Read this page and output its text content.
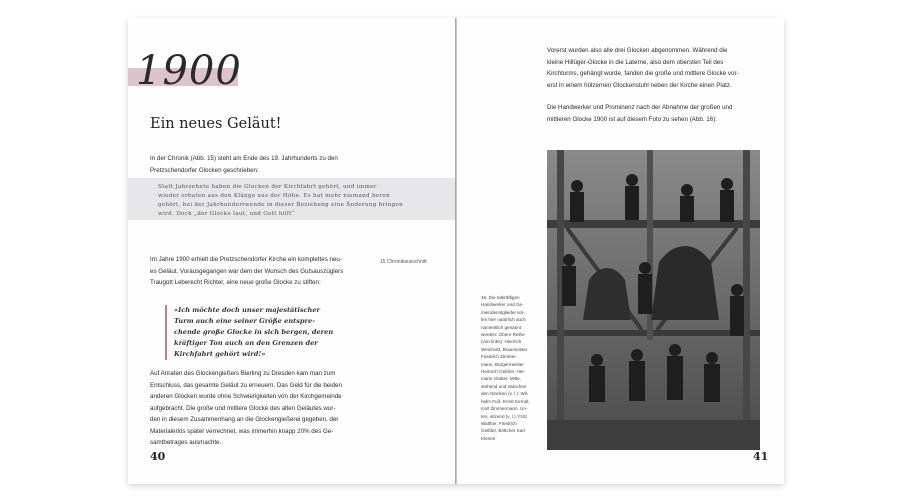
1900
Ein neues Geläut!

In der Chronik (Abb. 15) steht am Ende des 19. Jahrhunderts zu den
Pretzschendorfer Glocken geschrieben:

Statt Jahrzehnte haben die Glocken der Kirchfahrt gehört, und immer
wieder erbaten aus den Klänge aus der Höhe. Es hat mehr niemand beren
gehört, bei der Jahrhundertwende in dieser Beziehung eine Änderung bringen
wird. Doch „der Glocke laut, und Gott hilft“

15 Chronikausschnitt

Im Jahre 1900 erhielt die Pretzschendorfer Kirche ein komplettes neu-
es Geläut. Vorausgegangen war dem der Wunsch des Gutsauszüglers
Traugott Leberecht Richter, eine neue große Glocke zu stiften:

«Ich möchte doch unser majestätischer
Turm auch eine seiner Größe entspre-
chende große Glocke in sich bergen, deren
kräftiger Ton auch an den Grenzen der
Kirchfahrt gehört wird!»

Auf Anraten des Glockengießers Bierling zu Dresden kam man zum
Entschluss, das gesamte Geläut zu erneuern. Das Geld für die beiden
anderen Glocken wurde ohne Schwierigkeiten von der Kirchgemeinde
aufgebracht. Die große und mittlere Glocke des alten Geläutes wur-
den in diesem Zusammenhang an die Glockengießerei gegeben, der
Materialerlös später verrechnet, was immerhin knapp 20% des Ge-
samtbetrages ausmachte.

40

Vorerst wurden also alle drei Glocken abgenommen. Während die
kleine Hillüger-Glocke in die Laterne, also dem obersten Teil des
Kirchturms, gehängt wurde, fanden die große und mittlere Glocke vor-
erst in einem hölzernen Glockenstuhl neben der Kirche einen Platz.

Die Handwerker und Prominenz nach der Abnahme der großen und
mittleren Glocke 1900 ist auf diesem Foto zu sehen (Abb. 16):

16. Die tatkräftigen
Handwerker und Ge-
meindemitglieder sol-
len hier natürlich auch
namentlich genannt
werden: Obere Reihe
(von links): Heinrich
Weinhold, Braumeister
Friedrich Zimmer-
mann, Bürgermeister
Heinrich Geißler, Her-
mann Glatter. Mitte,
stehend und zwischen
den Glocken (v. l.): Wil-
helm Fuß, Ernst Kerndt,
Karl Zimmermann. Un-
ten, sitzend (v. l.): Fritz
Walther, Friedrich
Geißler, Böttcher Karl
Klemm

41
